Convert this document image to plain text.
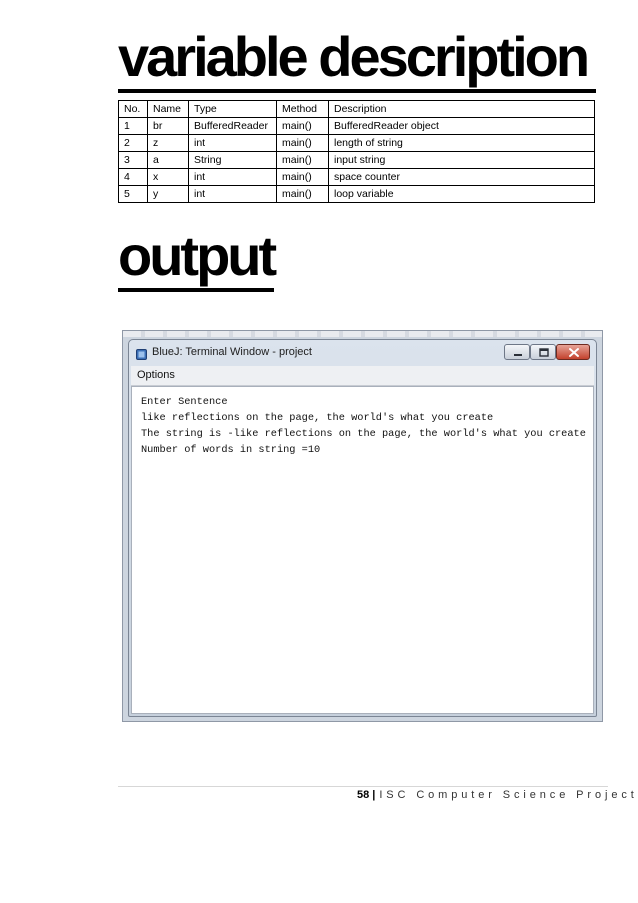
variable description
No.	Name	Type	Method	Description
1	br	BufferedReader	main()	BufferedReader object
2	z	int	main()	length of string
3	a	String	main()	input string
4	x	int	main()	space counter
5	y	int	main()	loop variable
output
BlueJ: Terminal Window - project
Options
Enter Sentence
like reflections on the page, the world's what you create
The string is -like reflections on the page, the world's what you create
Number of words in string =10
58 | ISC Computer Science Project
